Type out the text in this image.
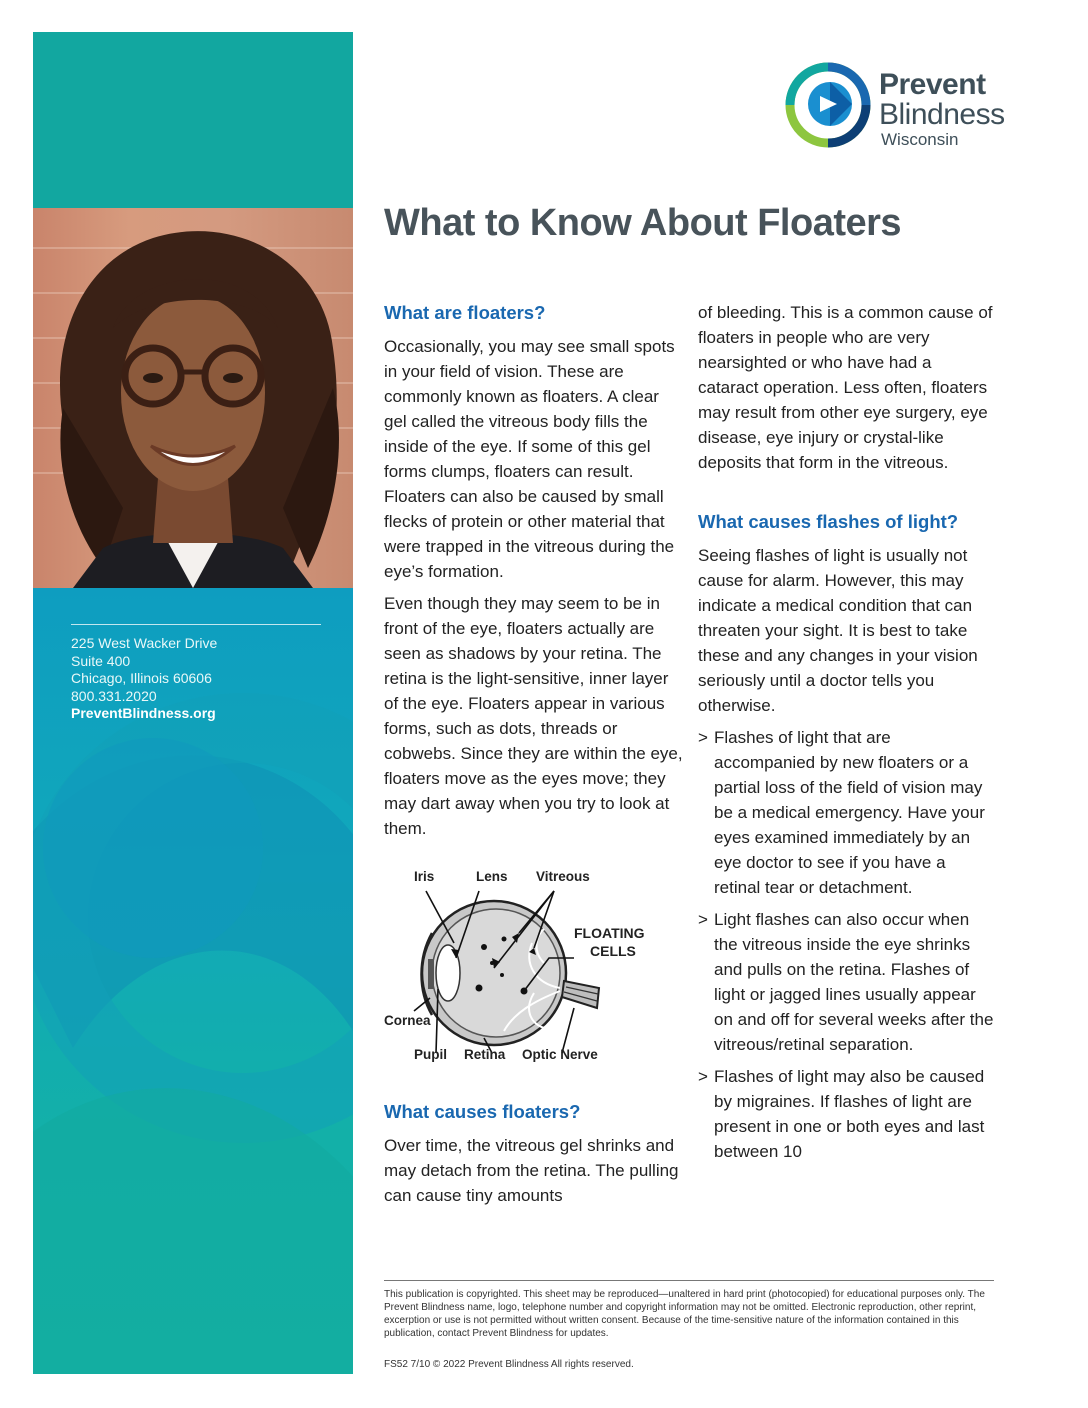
225 West Wacker Drive
Suite 400
Chicago, Illinois 60606
800.331.2020
PreventBlindness.org
Prevent
Blindness
Wisconsin
What to Know About Floaters
What are floaters?

Occasionally, you may see small spots in your field of vision. These are commonly known as floaters. A clear gel called the vitreous body fills the inside of the eye. If some of this gel forms clumps, floaters can result. Floaters can also be caused by small flecks of protein or other material that were trapped in the vitreous during the eye’s formation.

Even though they may seem to be in front of the eye, floaters actually are seen as shadows by your retina. The retina is the light-sensitive, inner layer of the eye. Floaters appear in various forms, such as dots, threads or cobwebs. Since they are within the eye, floaters move as the eyes move; they may dart away when you try to look at them.

Iris	Lens Vitreous
FLOATING
CELLS
Cornea
Pupil Retina Optic Nerve
What causes floaters?

Over time, the vitreous gel shrinks and may detach from the retina. The pulling can cause tiny amounts

of bleeding. This is a common cause of floaters in people who are very nearsighted or who have had a cataract operation. Less often, floaters may result from other eye surgery, eye disease, eye injury or crystal-like deposits that form in the vitreous.

What causes flashes of light?

Seeing flashes of light is usually not cause for alarm. However, this may indicate a medical condition that can threaten your sight. It is best to take these and any changes in your vision seriously until a doctor tells you otherwise.

> Flashes of light that are accompanied by new floaters or a partial loss of the field of vision may be a medical emergency. Have your eyes examined immediately by an eye doctor to see if you have a retinal tear or detachment.
> Light flashes can also occur when the vitreous inside the eye shrinks and pulls on the retina. Flashes of light or jagged lines usually appear on and off for several weeks after the vitreous/retinal separation.
> Flashes of light may also be caused by migraines. If flashes of light are present in one or both eyes and last between 10
This publication is copyrighted. This sheet may be reproduced—unaltered in hard print (photocopied) for educational purposes only. The Prevent Blindness name, logo, telephone number and copyright information may not be omitted. Electronic reproduction, other reprint, excerption or use is not permitted without written consent. Because of the time-sensitive nature of the information contained in this publication, contact Prevent Blindness for updates.
FS52 7/10 © 2022 Prevent Blindness All rights reserved.
